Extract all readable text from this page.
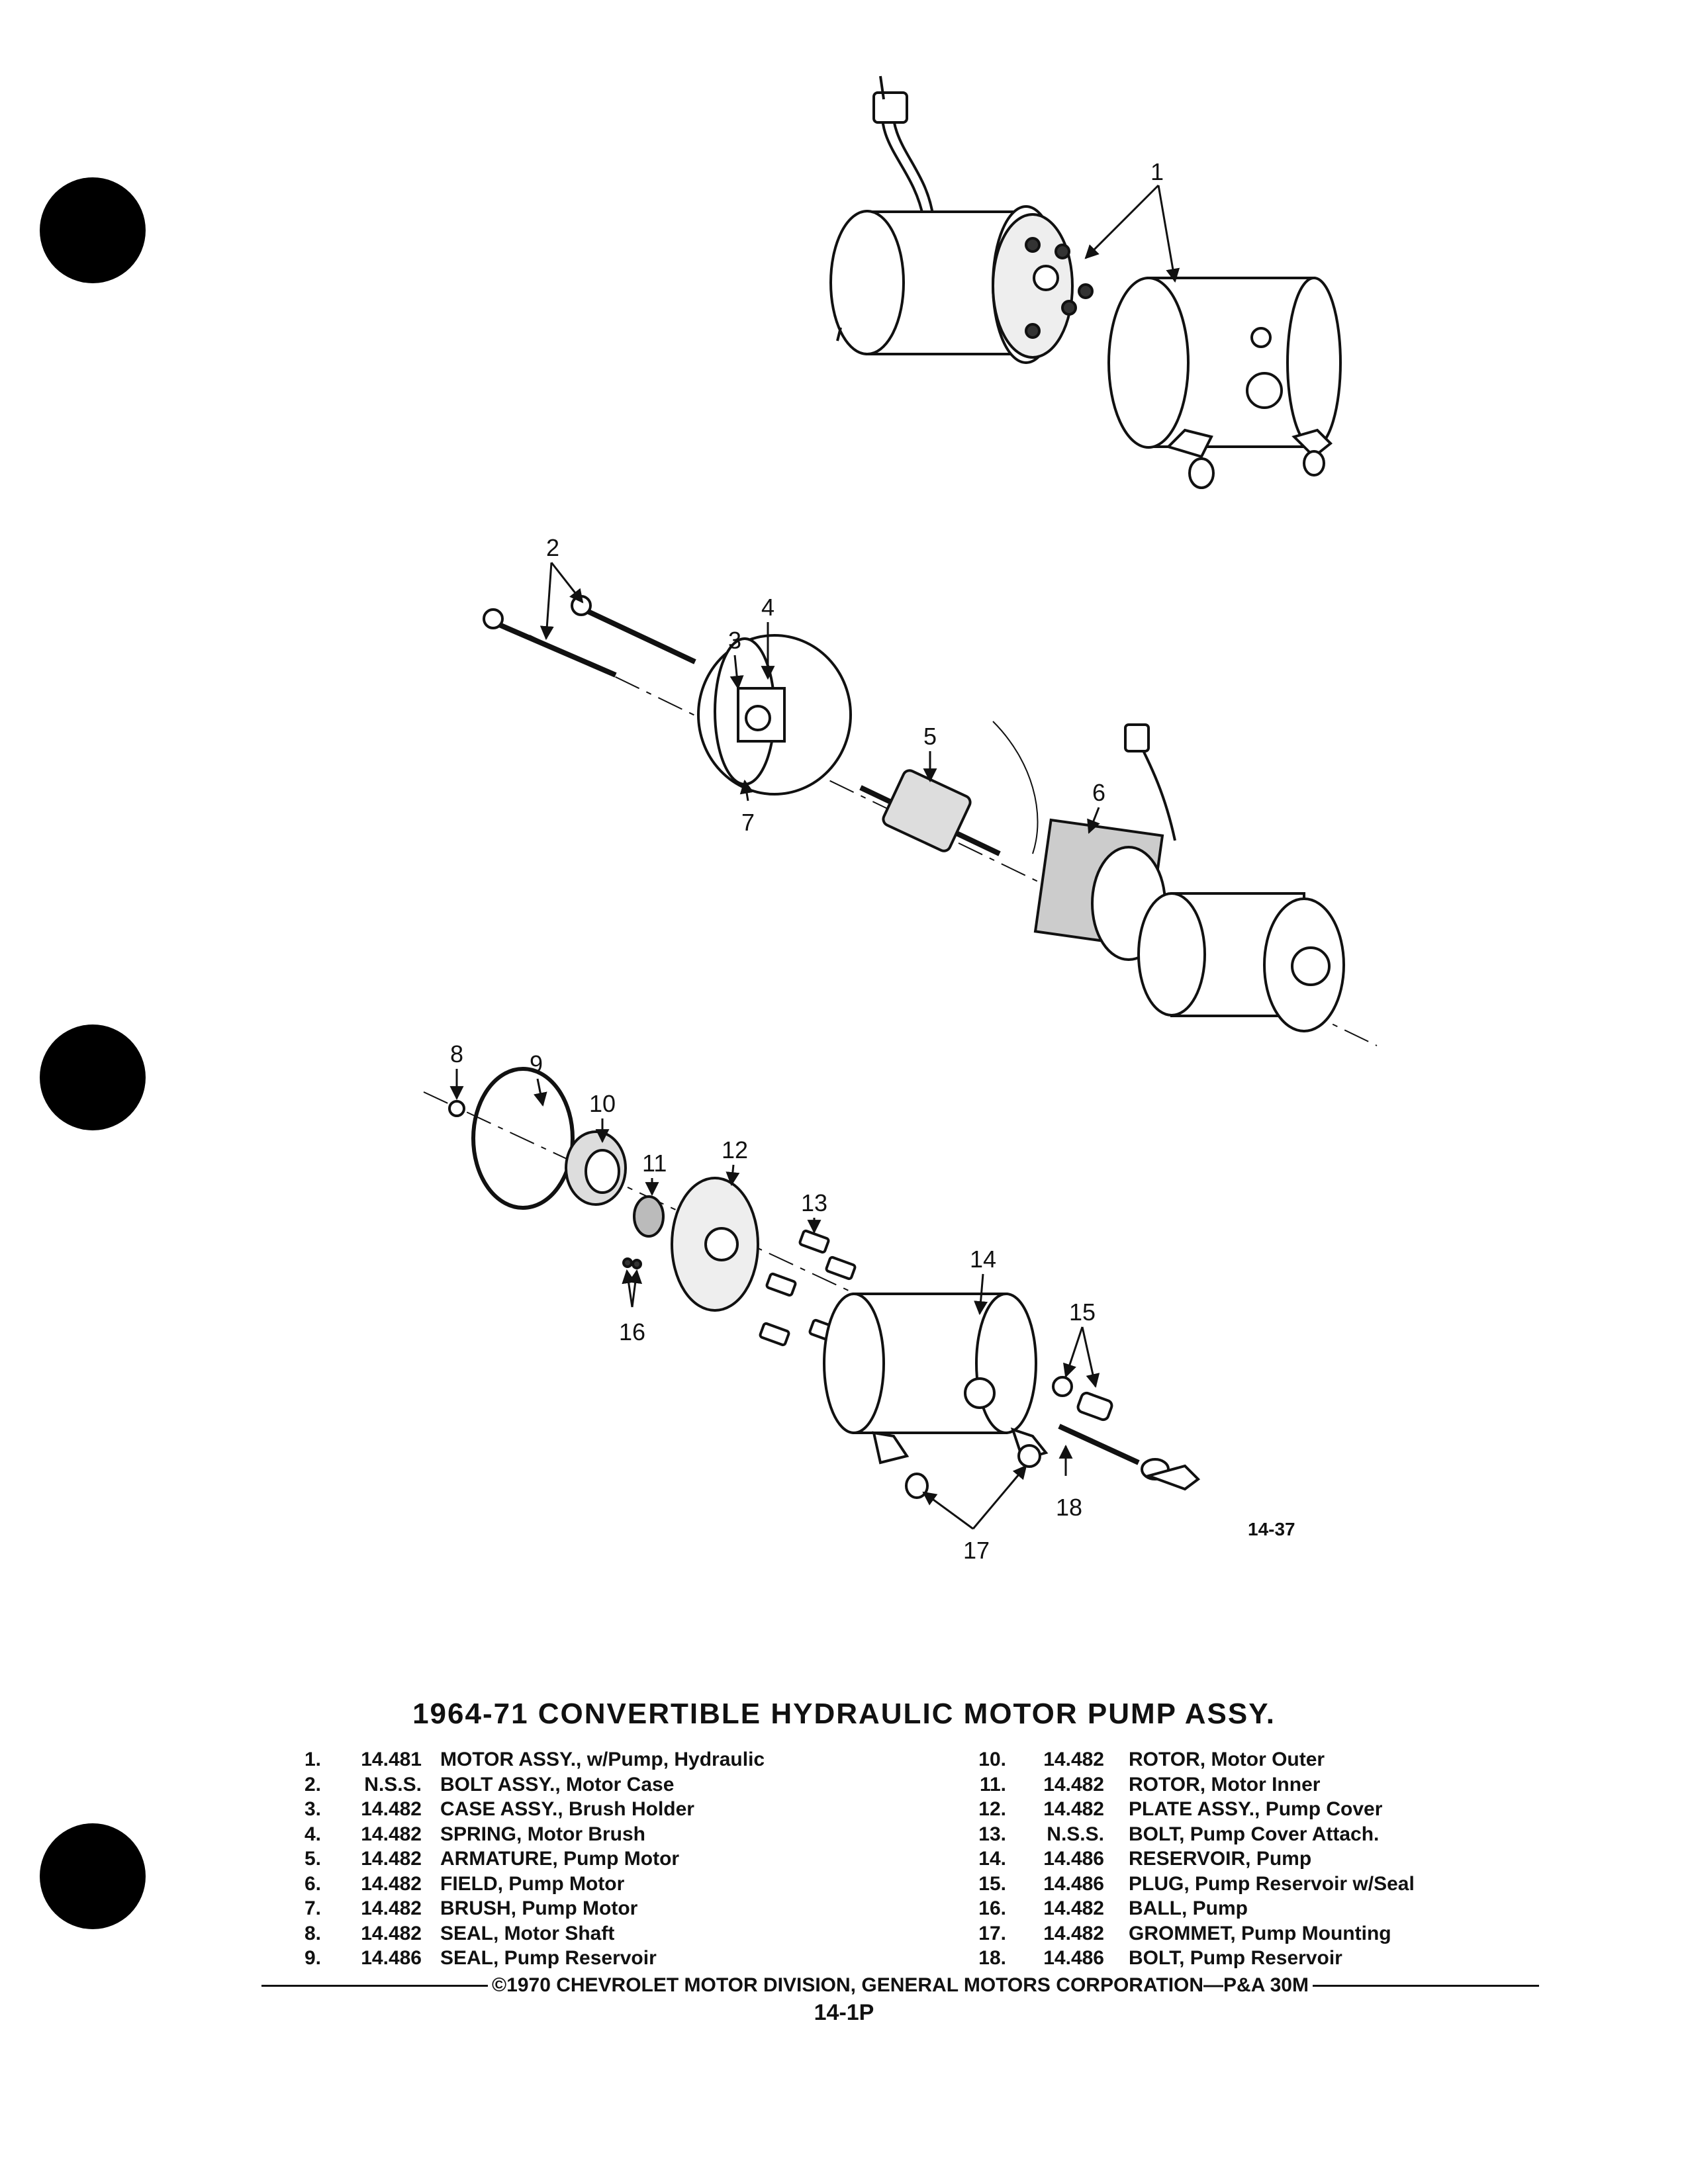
1
2
3
4
5
6
7
8	9
10
11 12
13
14
15
16
17
18
14-37
1964-71 CONVERTIBLE HYDRAULIC MOTOR PUMP ASSY.
1.	14.481 MOTOR ASSY., w/Pump, Hydraulic
2.	N.S.S. BOLT ASSY., Motor Case
3.	14.482 CASE ASSY., Brush Holder
4.	14.482 SPRING, Motor Brush
5.	14.482 ARMATURE, Pump Motor
6.	14.482 FIELD, Pump Motor
7.	14.482 BRUSH, Pump Motor
8.	14.482 SEAL, Motor Shaft
9.	14.486 SEAL, Pump Reservoir
10.	14.482 ROTOR, Motor Outer
11.	14.482 ROTOR, Motor Inner
12.	14.482 PLATE ASSY., Pump Cover
13.	N.S.S. BOLT, Pump Cover Attach.
14.	14.486 RESERVOIR, Pump
15.	14.486 PLUG, Pump Reservoir w/Seal
16.	14.482 BALL, Pump
17.	14.482 GROMMET, Pump Mounting
18.	14.486 BOLT, Pump Reservoir
©1970 CHEVROLET MOTOR DIVISION, GENERAL MOTORS CORPORATION—P&A 30M
14-1P
